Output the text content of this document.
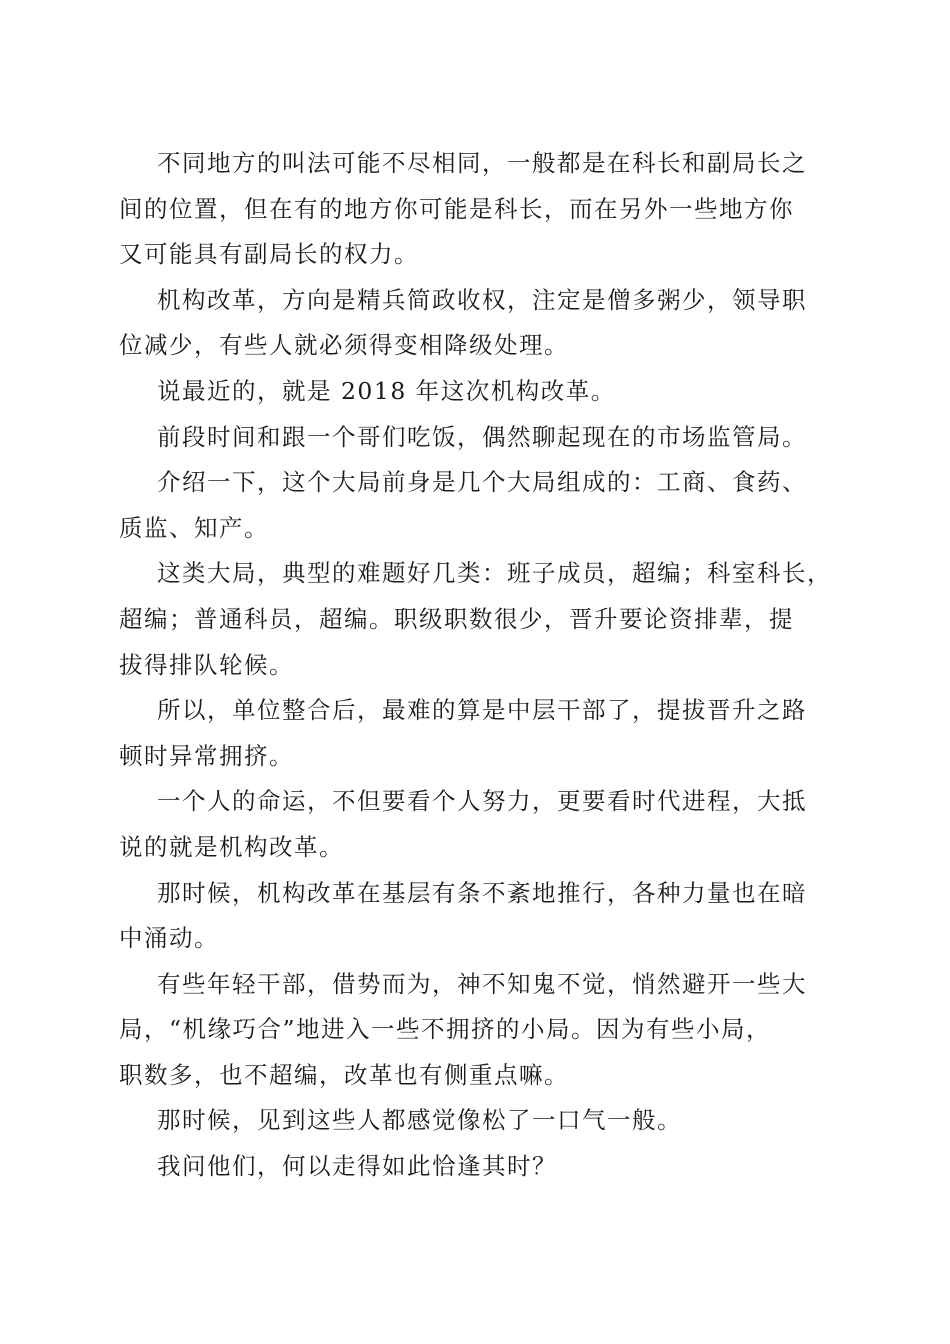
不同地方的叫法可能不尽相同，一般都是在科长和副局长之
间的位置，但在有的地方你可能是科长，而在另外一些地方你
又可能具有副局长的权力。

机构改革，方向是精兵简政收权，注定是僧多粥少，领导职
位减少，有些人就必须得变相降级处理。

说最近的，就是 2018 年这次机构改革。

前段时间和跟一个哥们吃饭，偶然聊起现在的市场监管局。

介绍一下，这个大局前身是几个大局组成的：工商、食药、
质监、知产。

这类大局，典型的难题好几类：班子成员，超编；科室科长，
超编；普通科员，超编。职级职数很少，晋升要论资排辈，提
拔得排队轮候。

所以，单位整合后，最难的算是中层干部了，提拔晋升之路
顿时异常拥挤。

一个人的命运，不但要看个人努力，更要看时代进程，大抵
说的就是机构改革。

那时候，机构改革在基层有条不紊地推行，各种力量也在暗
中涌动。

有些年轻干部，借势而为，神不知鬼不觉，悄然避开一些大
局，“机缘巧合”地进入一些不拥挤的小局。因为有些小局，
职数多，也不超编，改革也有侧重点嘛。

那时候，见到这些人都感觉像松了一口气一般。

我问他们，何以走得如此恰逢其时？
